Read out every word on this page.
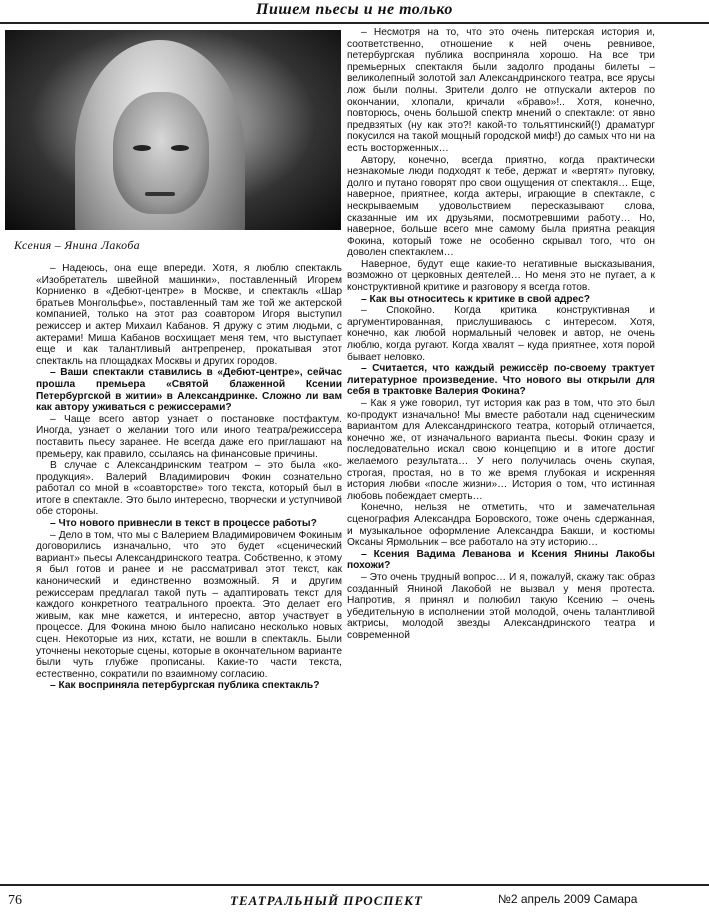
Пишем пьесы и не только
Ксения – Янина Лакоба

– Надеюсь, она еще впереди. Хотя, я люблю спектакль «Изобретатель швейной машинки», поставленный Игорем Корниенко в «Дебют-центре» в Москве, и спектакль «Шар братьев Монгольфье», поставленный там же той же актерской компанией, только на этот раз соавтором Игоря выступил режиссер и актер Михаил Кабанов. Я дружу с этим людьми, с актерами! Миша Кабанов восхищает меня тем, что выступает еще и как талантливый антрепренер, прокатывая этот спектакль на площадках Москвы и других городов.

– Ваши спектакли ставились в «Дебют-центре», сейчас прошла премьера «Святой блаженной Ксении Петербургской в житии» в Александринке. Сложно ли вам как автору уживаться с режиссерами?

– Чаще всего автор узнает о постановке постфактум. Иногда, узнает о желании того или иного театра/режиссера поставить пьесу заранее. Не всегда даже его приглашают на премьеру, как правило, ссылаясь на финансовые причины.

В случае с Александринским театром – это была «ко-продукция». Валерий Владимирович Фокин сознательно работал со мной в «соавторстве» того текста, который был в итоге в спектакле. Это было интересно, творчески и уступчивой обе стороны.

– Что нового привнесли в текст в процессе работы?

– Дело в том, что мы с Валерием Владимировичем Фокиным договорились изначально, что это будет «сценический вариант» пьесы Александринского театра. Собственно, к этому я был готов и ранее и не рассматривал этот текст, как канонический и единственно возможный. Я и другим режиссерам предлагал такой путь – адаптировать текст для каждого конкретного театрального проекта. Это делает его живым, как мне кажется, и интересно, автор участвует в процессе. Для Фокина мною было написано несколько новых сцен. Некоторые из них, кстати, не вошли в спектакль. Были уточнены некоторые сцены, которые в окончательном варианте были чуть глубже прописаны. Какие-то части текста, естественно, сократили по взаимному согласию.

– Как восприняла петербургская публика спектакль?

– Несмотря на то, что это очень питерская история и, соответственно, отношение к ней очень ревнивое, петербургская публика восприняла хорошо. На все три премьерных спектакля были задолго проданы билеты – великолепный золотой зал Александринского театра, все ярусы лож были полны. Зрители долго не отпускали актеров по окончании, хлопали, кричали «браво»!.. Хотя, конечно, повторюсь, очень большой спектр мнений о спектакле: от явно предвзятых (ну как это?! какой-то тольяттинский(!) драматург покусился на такой мощный городской миф!) до самых что ни на есть восторженных…

Автору, конечно, всегда приятно, когда практически незнакомые люди подходят к тебе, держат и «вертят» пуговку, долго и путано говорят про свои ощущения от спектакля… Еще, наверное, приятнее, когда актеры, играющие в спектакле, с нескрываемым удовольствием пересказывают слова, сказанные им их друзьями, посмотревшими работу… Но, наверное, больше всего мне самому была приятна реакция Фокина, который тоже не особенно скрывал того, что он доволен спектаклем…

Наверное, будут еще какие-то негативные высказывания, возможно от церковных деятелей… Но меня это не пугает, а к конструктивной критике и разговору я всегда готов.

– Как вы относитесь к критике в свой адрес?

– Спокойно. Когда критика конструктивная и аргументированная, прислушиваюсь с интересом. Хотя, конечно, как любой нормальный человек и автор, не очень люблю, когда ругают. Когда хвалят – куда приятнее, хотя порой бывает неловко.

– Считается, что каждый режиссёр по-своему трактует литературное произведение. Что нового вы открыли для себя в трактовке Валерия Фокина?

– Как я уже говорил, тут история как раз в том, что это был ко-продукт изначально! Мы вместе работали над сценическим вариантом для Александринского театра, который отличается, конечно же, от изначального варианта пьесы. Фокин сразу и последовательно искал свою концепцию и в итоге достиг желаемого результата… У него получилась очень скупая, строгая, простая, но в то же время глубокая и искренняя история любви «после жизни»… История о том, что истинная любовь побеждает смерть…

Конечно, нельзя не отметить, что и замечательная сценография Александра Боровского, тоже очень сдержанная, и музыкальное оформление Александра Бакши, и костюмы Оксаны Ярмольник – все работало на эту историю…

– Ксения Вадима Леванова и Ксения Янины Лакобы похожи?

– Это очень трудный вопрос… И я, пожалуй, скажу так: образ созданный Яниной Лакобой не вызвал у меня протеста. Напротив, я принял и полюбил такую Ксению – очень убедительную в исполнении этой молодой, очень талантливой актрисы, молодой звезды Александринского театра и современной

76	ТЕАТРАЛЬНЫЙ ПРОСПЕКТ	№2 апрель 2009 Самара
